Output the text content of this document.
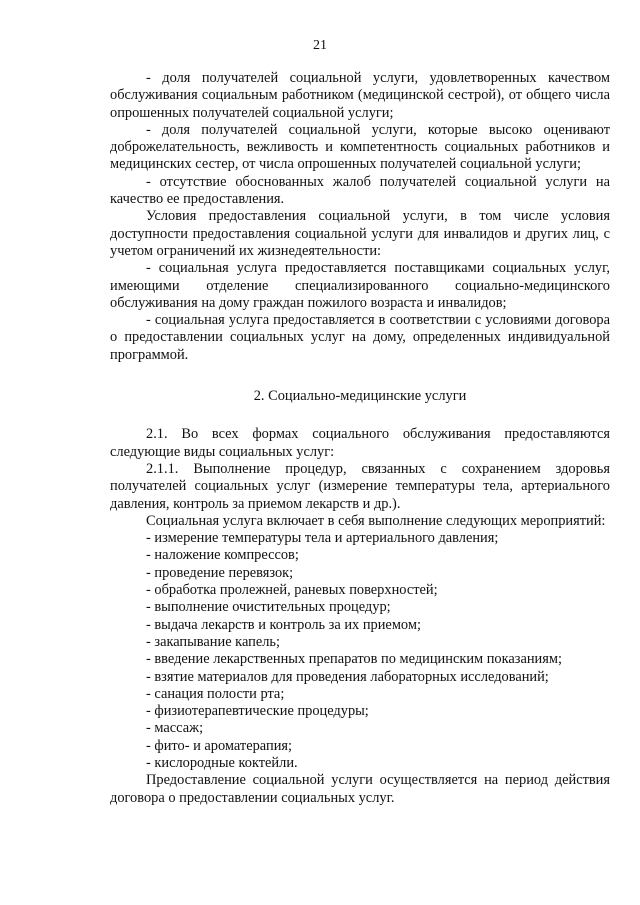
21

- доля получателей социальной услуги, удовлетворенных качеством обслуживания социальным работником (медицинской сестрой), от общего числа опрошенных получателей социальной услуги;

- доля получателей социальной услуги, которые высоко оценивают доброжелательность, вежливость и компетентность социальных работников и медицинских сестер, от числа опрошенных получателей социальной услуги;

- отсутствие обоснованных жалоб получателей социальной услуги на качество ее предоставления.

Условия предоставления социальной услуги, в том числе условия доступности предоставления социальной услуги для инвалидов и других лиц, с учетом ограничений их жизнедеятельности:

- социальная услуга предоставляется поставщиками социальных услуг, имеющими отделение специализированного социально-медицинского обслуживания на дому граждан пожилого возраста и инвалидов;

- социальная услуга предоставляется в соответствии с условиями договора о предоставлении социальных услуг на дому, определенных индивидуальной программой.

2. Социально-медицинские услуги

2.1. Во всех формах социального обслуживания предоставляются следующие виды социальных услуг:

2.1.1. Выполнение процедур, связанных с сохранением здоровья получателей социальных услуг (измерение температуры тела, артериального давления, контроль за приемом лекарств и др.).

Социальная услуга включает в себя выполнение следующих мероприятий:

- измерение температуры тела и артериального давления;
- наложение компрессов;
- проведение перевязок;
- обработка пролежней, раневых поверхностей;
- выполнение очистительных процедур;
- выдача лекарств и контроль за их приемом;
- закапывание капель;
- введение лекарственных препаратов по медицинским показаниям;
- взятие материалов для проведения лабораторных исследований;
- санация полости рта;
- физиотерапевтические процедуры;
- массаж;
- фито- и ароматерапия;
- кислородные коктейли.

Предоставление социальной услуги осуществляется на период действия договора о предоставлении социальных услуг.
